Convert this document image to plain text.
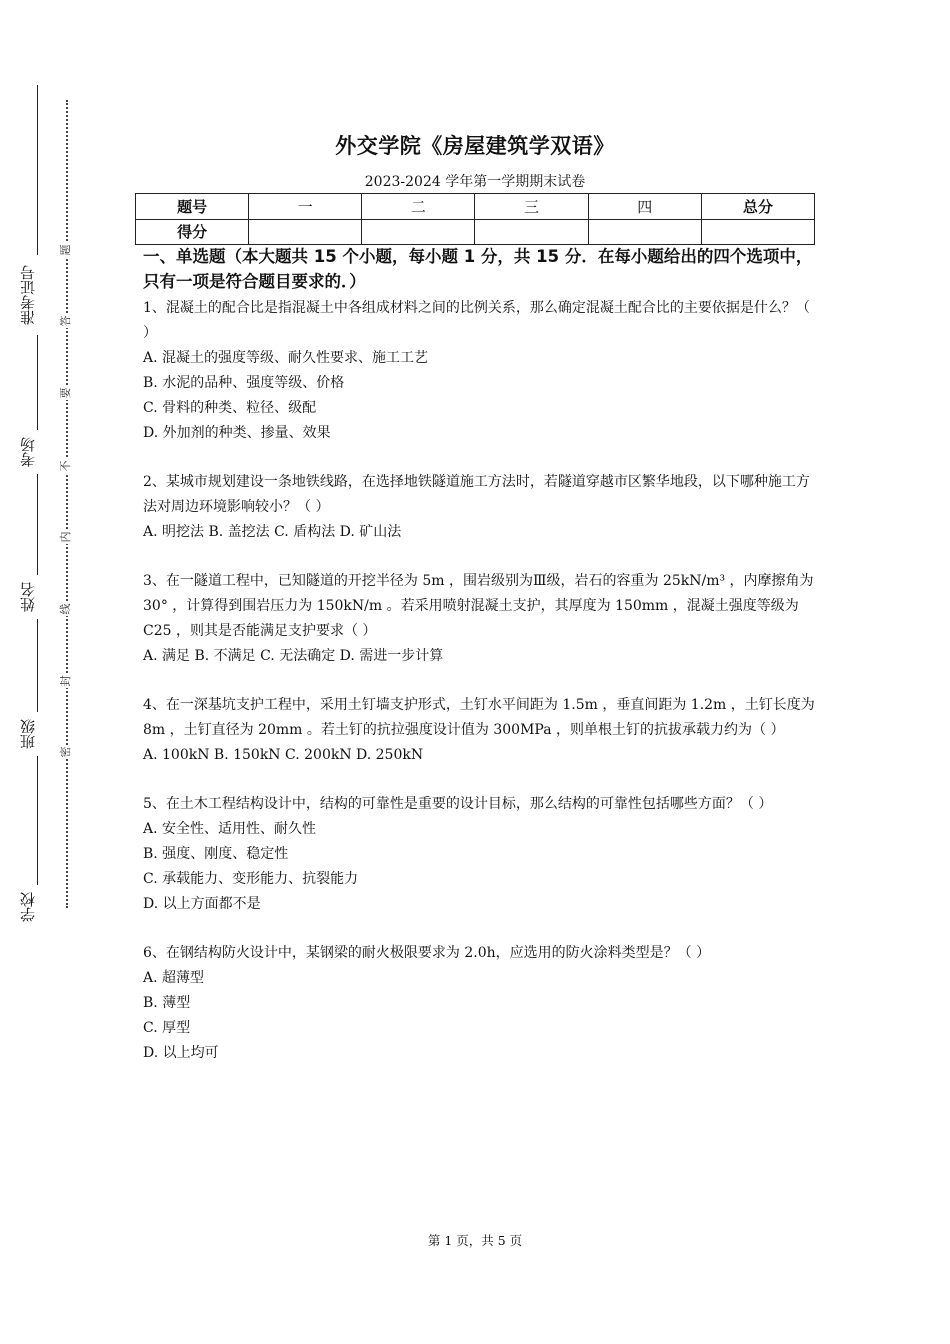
准考证号
考场
姓名
班级
学校
题
答
要
不
内
线
封
密
外交学院《房屋建筑学双语》
2023-2024 学年第一学期期末试卷
题号	一	二	三	四	总分
得分					

一、单选题（本大题共 15 个小题，每小题 1 分，共 15 分．在每小题给出的四个选项中，只有一项是符合题目要求的．）

1、混凝土的配合比是指混凝土中各组成材料之间的比例关系，那么确定混凝土配合比的主要依据是什么？（ ）

A. 混凝土的强度等级、耐久性要求、施工工艺

B. 水泥的品种、强度等级、价格

C. 骨料的种类、粒径、级配

D. 外加剂的种类、掺量、效果

2、某城市规划建设一条地铁线路，在选择地铁隧道施工方法时，若隧道穿越市区繁华地段，以下哪种施工方法对周边环境影响较小？（ ）

A. 明挖法 B. 盖挖法 C. 盾构法 D. 矿山法

3、在一隧道工程中，已知隧道的开挖半径为 5m ，围岩级别为Ⅲ级，岩石的容重为 25kN/m³ ，内摩擦角为 30° ，计算得到围岩压力为 150kN/m 。若采用喷射混凝土支护，其厚度为 150mm ，混凝土强度等级为 C25 ，则其是否能满足支护要求（ ）

A. 满足 B. 不满足 C. 无法确定 D. 需进一步计算

4、在一深基坑支护工程中，采用土钉墙支护形式，土钉水平间距为 1.5m ，垂直间距为 1.2m ，土钉长度为 8m ，土钉直径为 20mm 。若土钉的抗拉强度设计值为 300MPa ，则单根土钉的抗拔承载力约为（ ）

A. 100kN B. 150kN C. 200kN D. 250kN

5、在土木工程结构设计中，结构的可靠性是重要的设计目标，那么结构的可靠性包括哪些方面？（ ）

A. 安全性、适用性、耐久性

B. 强度、刚度、稳定性

C. 承载能力、变形能力、抗裂能力

D. 以上方面都不是

6、在钢结构防火设计中，某钢梁的耐火极限要求为 2.0h，应选用的防火涂料类型是？（ ）

A. 超薄型

B. 薄型

C. 厚型

D. 以上均可

第 1 页，共 5 页
